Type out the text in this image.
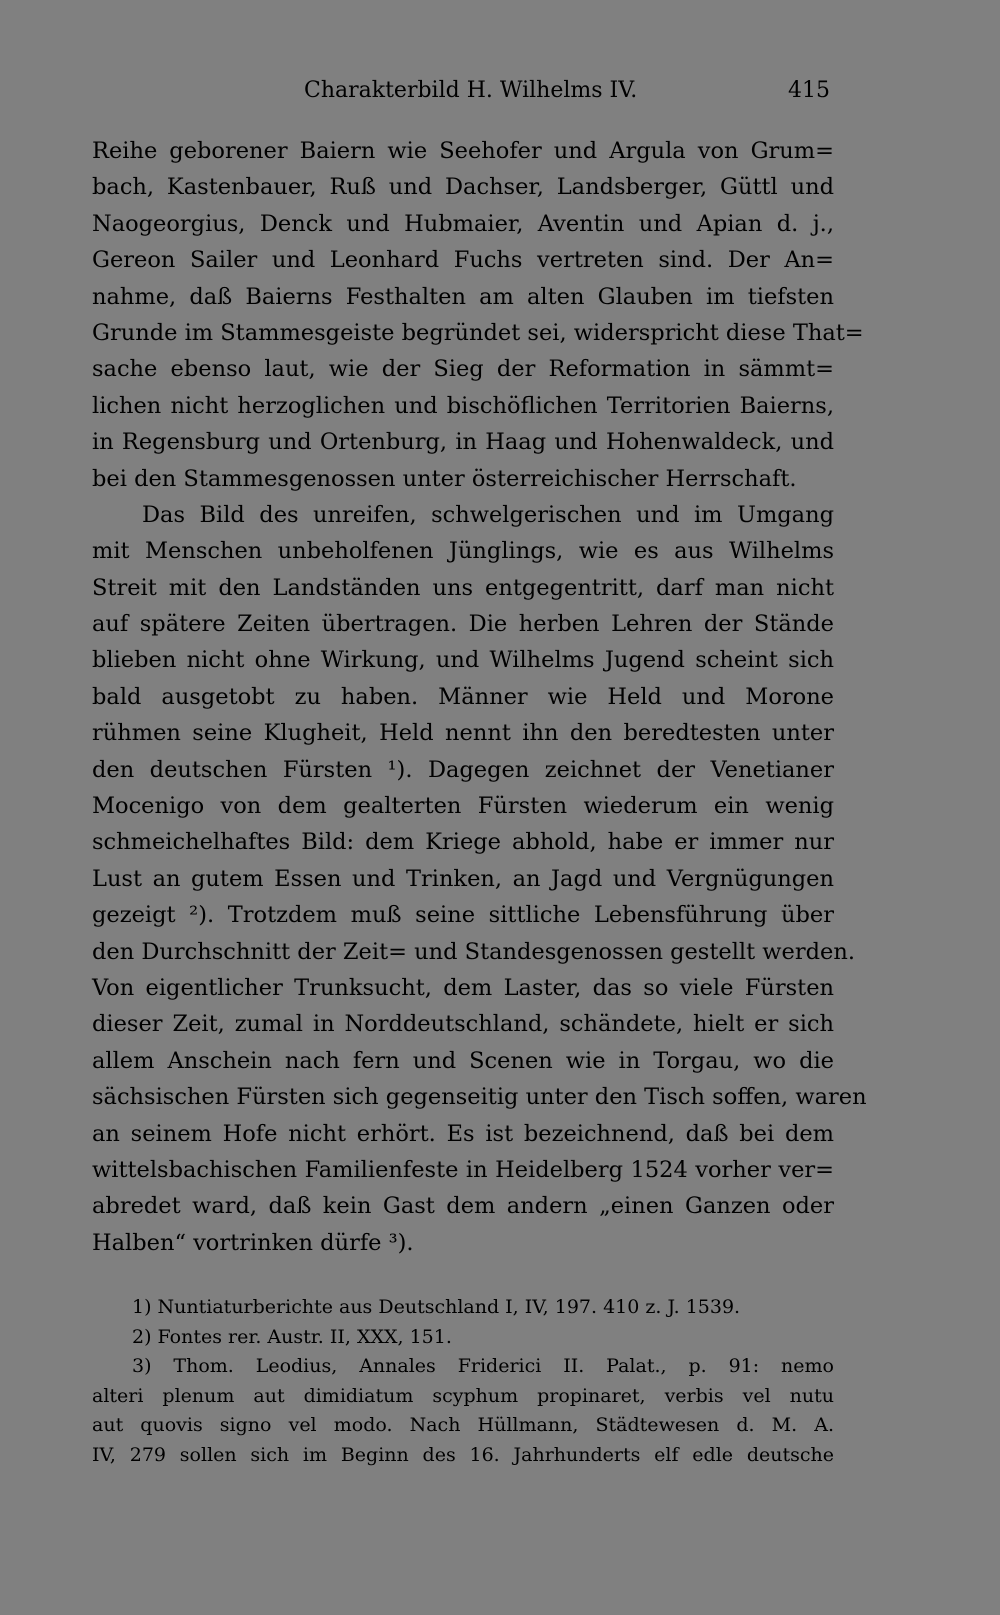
Charakterbild H. Wilhelms IV.	415
Reihe geborener Baiern wie Seehofer und Argula von Grum=
bach, Kastenbauer, Ruß und Dachser, Landsberger, Güttl und
Naogeorgius, Denck und Hubmaier, Aventin und Apian d. j.,
Gereon Sailer und Leonhard Fuchs vertreten sind. Der An=
nahme, daß Baierns Festhalten am alten Glauben im tiefsten
Grunde im Stammesgeiste begründet sei, widerspricht diese That=
sache ebenso laut, wie der Sieg der Reformation in sämmt=
lichen nicht herzoglichen und bischöflichen Territorien Baierns,
in Regensburg und Ortenburg, in Haag und Hohenwaldeck, und
bei den Stammesgenossen unter österreichischer Herrschaft.
Das Bild des unreifen, schwelgerischen und im Umgang
mit Menschen unbeholfenen Jünglings, wie es aus Wilhelms
Streit mit den Landständen uns entgegentritt, darf man nicht
auf spätere Zeiten übertragen. Die herben Lehren der Stände
blieben nicht ohne Wirkung, und Wilhelms Jugend scheint sich
bald ausgetobt zu haben. Männer wie Held und Morone
rühmen seine Klugheit, Held nennt ihn den beredtesten unter
den deutschen Fürsten ¹). Dagegen zeichnet der Venetianer
Mocenigo von dem gealterten Fürsten wiederum ein wenig
schmeichelhaftes Bild: dem Kriege abhold, habe er immer nur
Lust an gutem Essen und Trinken, an Jagd und Vergnügungen
gezeigt ²). Trotzdem muß seine sittliche Lebensführung über
den Durchschnitt der Zeit= und Standesgenossen gestellt werden.
Von eigentlicher Trunksucht, dem Laster, das so viele Fürsten
dieser Zeit, zumal in Norddeutschland, schändete, hielt er sich
allem Anschein nach fern und Scenen wie in Torgau, wo die
sächsischen Fürsten sich gegenseitig unter den Tisch soffen, waren
an seinem Hofe nicht erhört. Es ist bezeichnend, daß bei dem
wittelsbachischen Familienfeste in Heidelberg 1524 vorher ver=
abredet ward, daß kein Gast dem andern „einen Ganzen oder
Halben“ vortrinken dürfe ³).
1) Nuntiaturberichte aus Deutschland I, IV, 197. 410 z. J. 1539.
2) Fontes rer. Austr. II, XXX, 151.
3) Thom. Leodius, Annales Friderici II. Palat., p. 91: nemo
alteri plenum aut dimidiatum scyphum propinaret, verbis vel nutu
aut quovis signo vel modo. Nach Hüllmann, Städtewesen d. M. A.
IV, 279 sollen sich im Beginn des 16. Jahrhunderts elf edle deutsche
